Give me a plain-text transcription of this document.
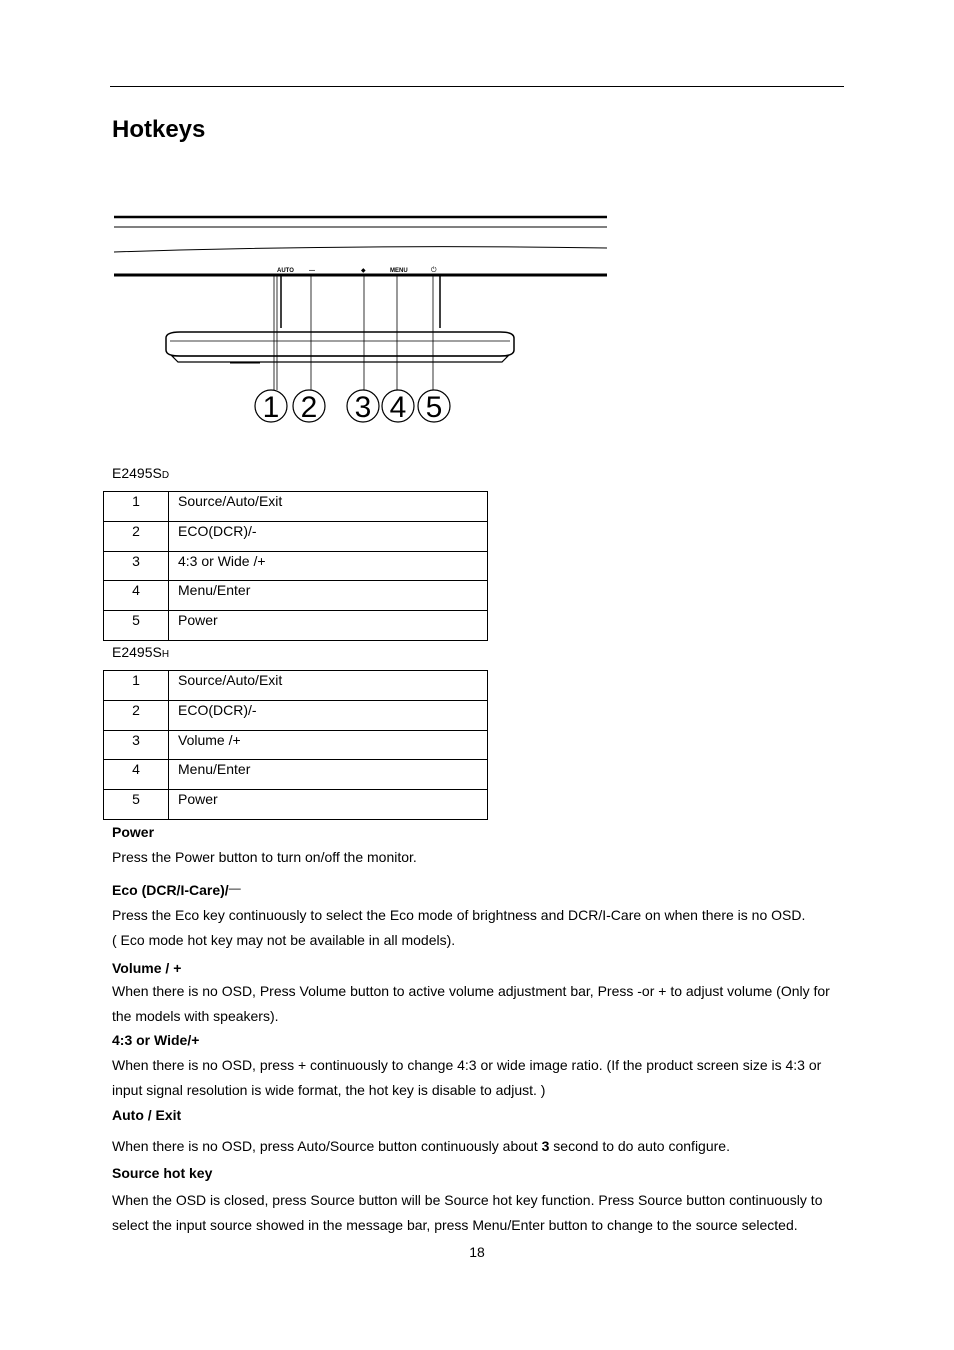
Hotkeys
AUTO	—	◆	MENU	⏻
1 2 3 4 5
E2495SD
1	Source/Auto/Exit
2	ECO(DCR)/-
3	4:3 or Wide /+
4	Menu/Enter
5	Power
E2495SH
1	Source/Auto/Exit
2	ECO(DCR)/-
3	Volume /+
4	Menu/Enter
5	Power
Power
Press the Power button to turn on/off the monitor.
Eco (DCR/I-Care)/—
Press the Eco key continuously to select the Eco mode of brightness and DCR/I-Care on when there is no OSD.
( Eco mode hot key may not be available in all models).
Volume / +
When there is no OSD, Press Volume button to active volume adjustment bar, Press -or + to adjust volume (Only for the models with speakers).
4:3 or Wide/+
When there is no OSD, press + continuously to change 4:3 or wide image ratio. (If the product screen size is 4:3 or input signal resolution is wide format, the hot key is disable to adjust. )
Auto / Exit
When there is no OSD, press Auto/Source button continuously about 3 second to do auto configure.
Source hot key
When the OSD is closed, press Source button will be Source hot key function. Press Source button continuously to select the input source showed in the message bar, press Menu/Enter button to change to the source selected.
18
